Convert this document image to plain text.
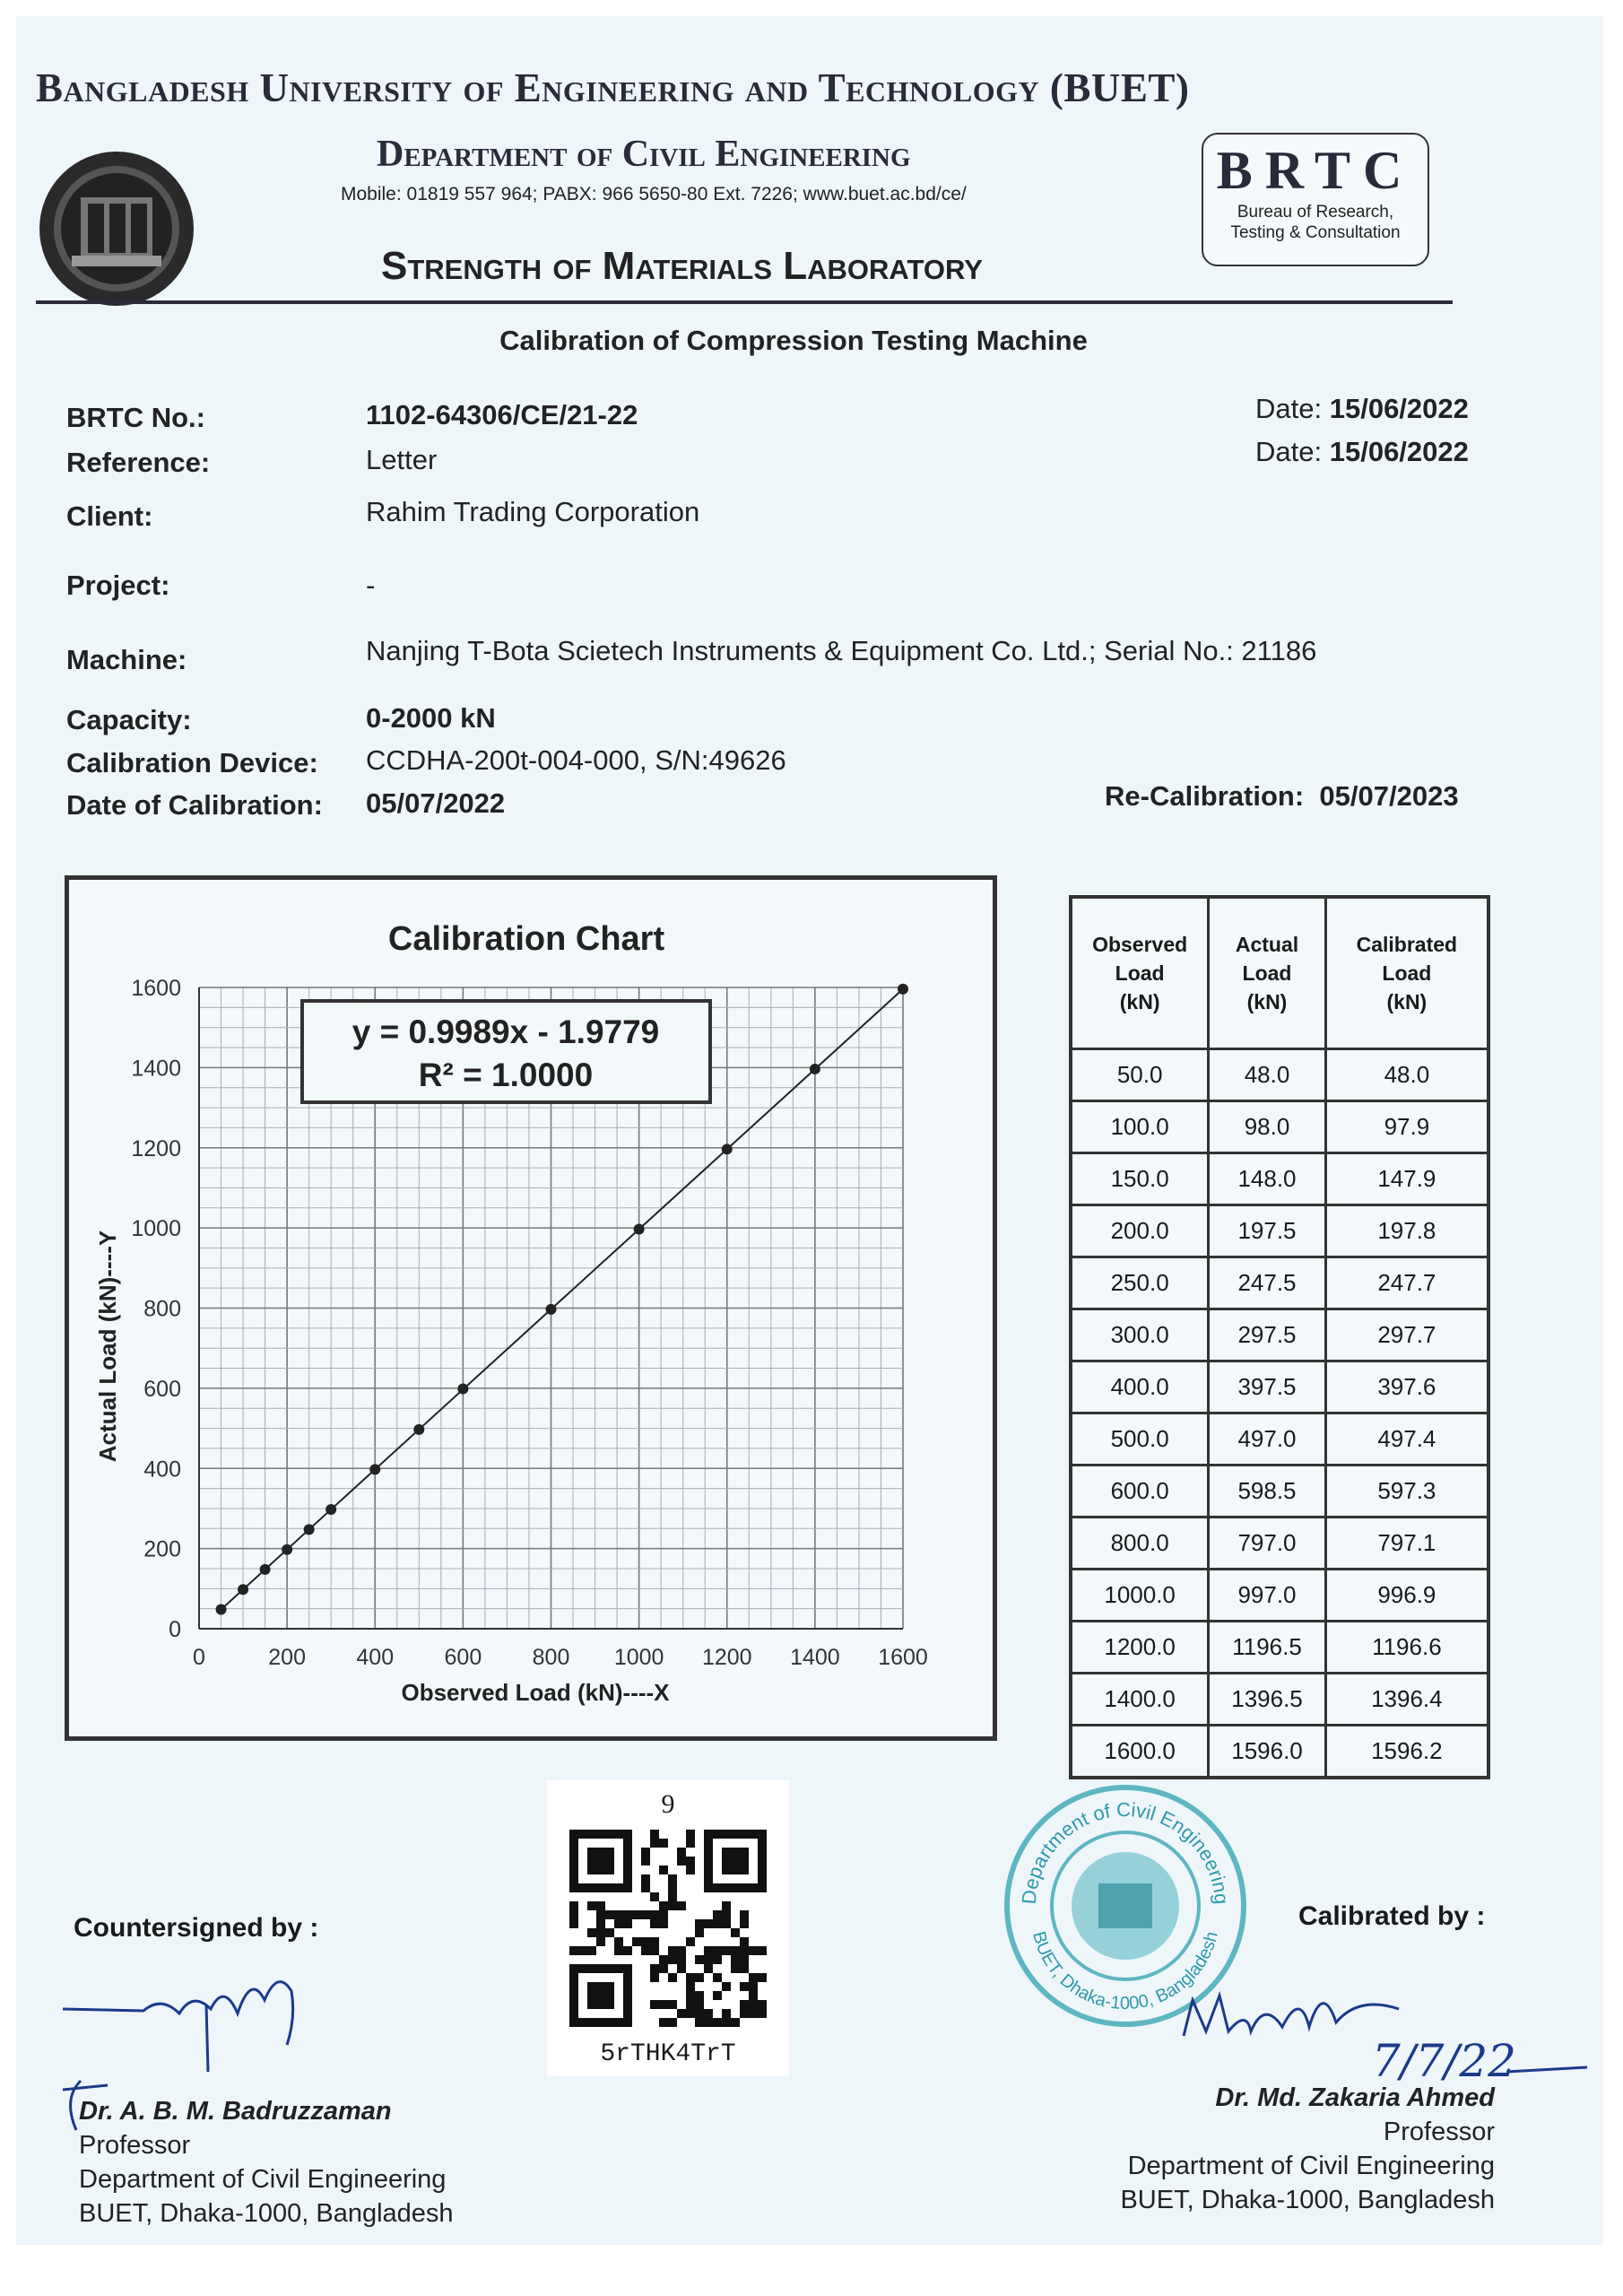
Bangladesh University of Engineering and Technology (BUET)
Department of Civil Engineering
Mobile: 01819 557 964; PABX: 966 5650-80 Ext. 7226; www.buet.ac.bd/ce/
Strength of Materials Laboratory
BRTC
Bureau of Research,
Testing & Consultation
Calibration of Compression Testing Machine
BRTC No.:	1102-64306/CE/21-22
Reference:	Letter
Client:	Rahim Trading Corporation
Project:	-
Machine:	Nanjing T-Bota Scietech Instruments & Equipment Co. Ltd.; Serial No.: 21186
Capacity:	0-2000 kN
Calibration Device: CCDHA-200t-004-000, S/N:49626
Date of Calibration: 05/07/2022
Date: 15/06/2022
Date: 15/06/2022
Re-Calibration: 05/07/2023
Calibration Chart
0	200 400 600 800 1000 1200 1400 1600
0
200
400
600
800
1000
1200
1400
1600
y = 0.9989x - 1.9779
R² = 1.0000
Observed Load (kN)----X
Actual Load (kN)----Y
Observed
Load
(kN)	Actual
Load
(kN)	Calibrated
Load
(kN)
50.0	48.0	48.0
100.0	98.0	97.9
150.0	148.0	147.9
200.0	197.5	197.8
250.0	247.5	247.7
300.0	297.5	297.7
400.0	397.5	397.6
500.0	497.0	497.4
600.0	598.5	597.3
800.0	797.0	797.1
1000.0	997.0	996.9
1200.0	1196.5	1196.6
1400.0	1396.5	1396.4
1600.0	1596.0	1596.2
9
5rTHK4TrT
Department of Civil Engineering
BUET, Dhaka-1000, Bangladesh
Countersigned by :	Calibrated by :
7/7/22
Dr. A. B. M. Badruzzaman
Professor
Department of Civil Engineering
BUET, Dhaka-1000, Bangladesh
Dr. Md. Zakaria Ahmed
Professor
Department of Civil Engineering
BUET, Dhaka-1000, Bangladesh
